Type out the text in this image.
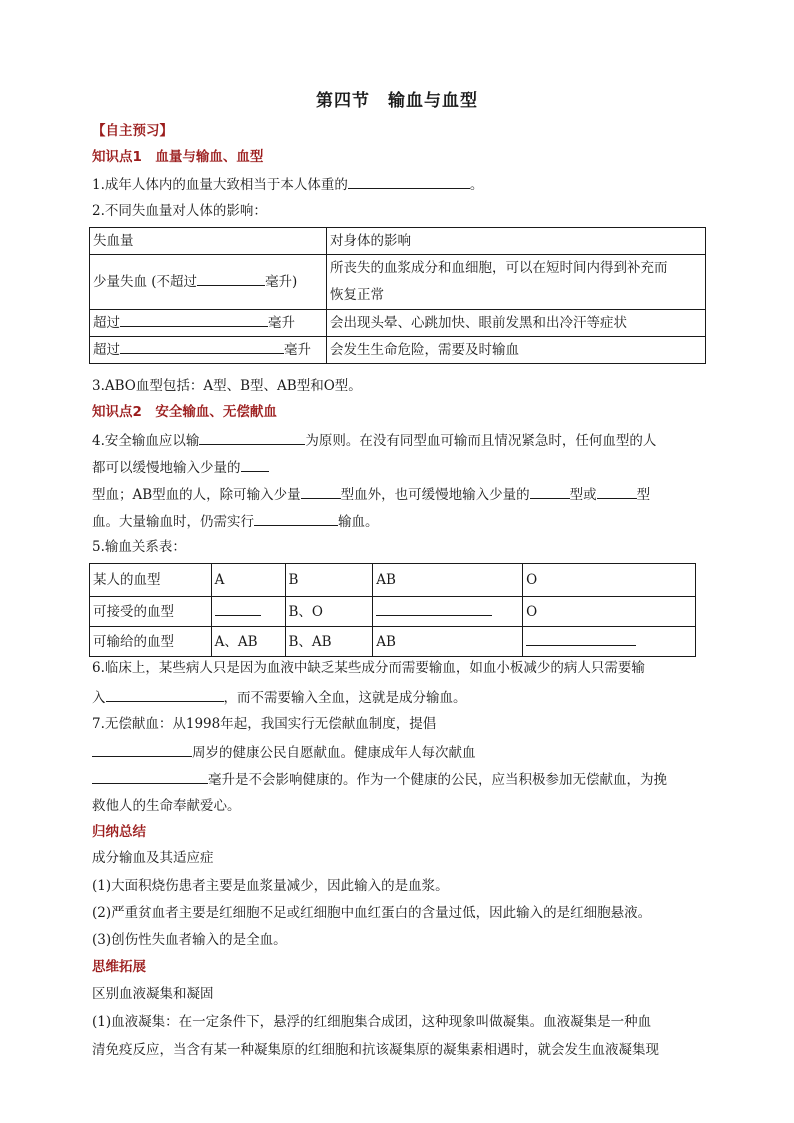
第四节　输血与血型
【自主预习】
知识点1　血量与输血、血型
1.成年人体内的血量大致相当于本人体重的	。
2.不同失血量对人体的影响：
失血量	对身体的影响
少量失血 (不超过 毫升)	所丧失的血浆成分和血细胞，可以在短时间内得到补充而
恢复正常
超过 毫升	会出现头晕、心跳加快、眼前发黑和出冷汗等症状
超过 毫升	会发生生命危险，需要及时输血
3.ABO血型包括：A型、B型、AB型和O型。
知识点2　安全输血、无偿献血
4.安全输血应以输	为原则。在没有同型血可输而且情况紧急时，任何血型的人
都可以缓慢地输入少量的
型血；AB型血的人，除可输入少量	型血外，也可缓慢地输入少量的	型或	型
血。大量输血时，仍需实行	输血。
5.输血关系表：
某人的血型	A	B	AB	O
可接受的血型		B、O		O
可输给的血型	A、AB	B、AB	AB	
6.临床上，某些病人只是因为血液中缺乏某些成分而需要输血，如血小板减少的病人只需要输
入	，而不需要输入全血，这就是成分输血。
7.无偿献血：从1998年起，我国实行无偿献血制度，提倡
周岁的健康公民自愿献血。健康成年人每次献血
毫升是不会影响健康的。作为一个健康的公民，应当积极参加无偿献血，为挽
救他人的生命奉献爱心。
归纳总结
成分输血及其适应症
(1)大面积烧伤患者主要是血浆量减少，因此输入的是血浆。
(2)严重贫血者主要是红细胞不足或红细胞中血红蛋白的含量过低，因此输入的是红细胞悬液。
(3)创伤性失血者输入的是全血。
思维拓展
区别血液凝集和凝固
(1)血液凝集：在一定条件下，悬浮的红细胞集合成团，这种现象叫做凝集。血液凝集是一种血
清免疫反应，当含有某一种凝集原的红细胞和抗该凝集原的凝集素相遇时，就会发生血液凝集现
